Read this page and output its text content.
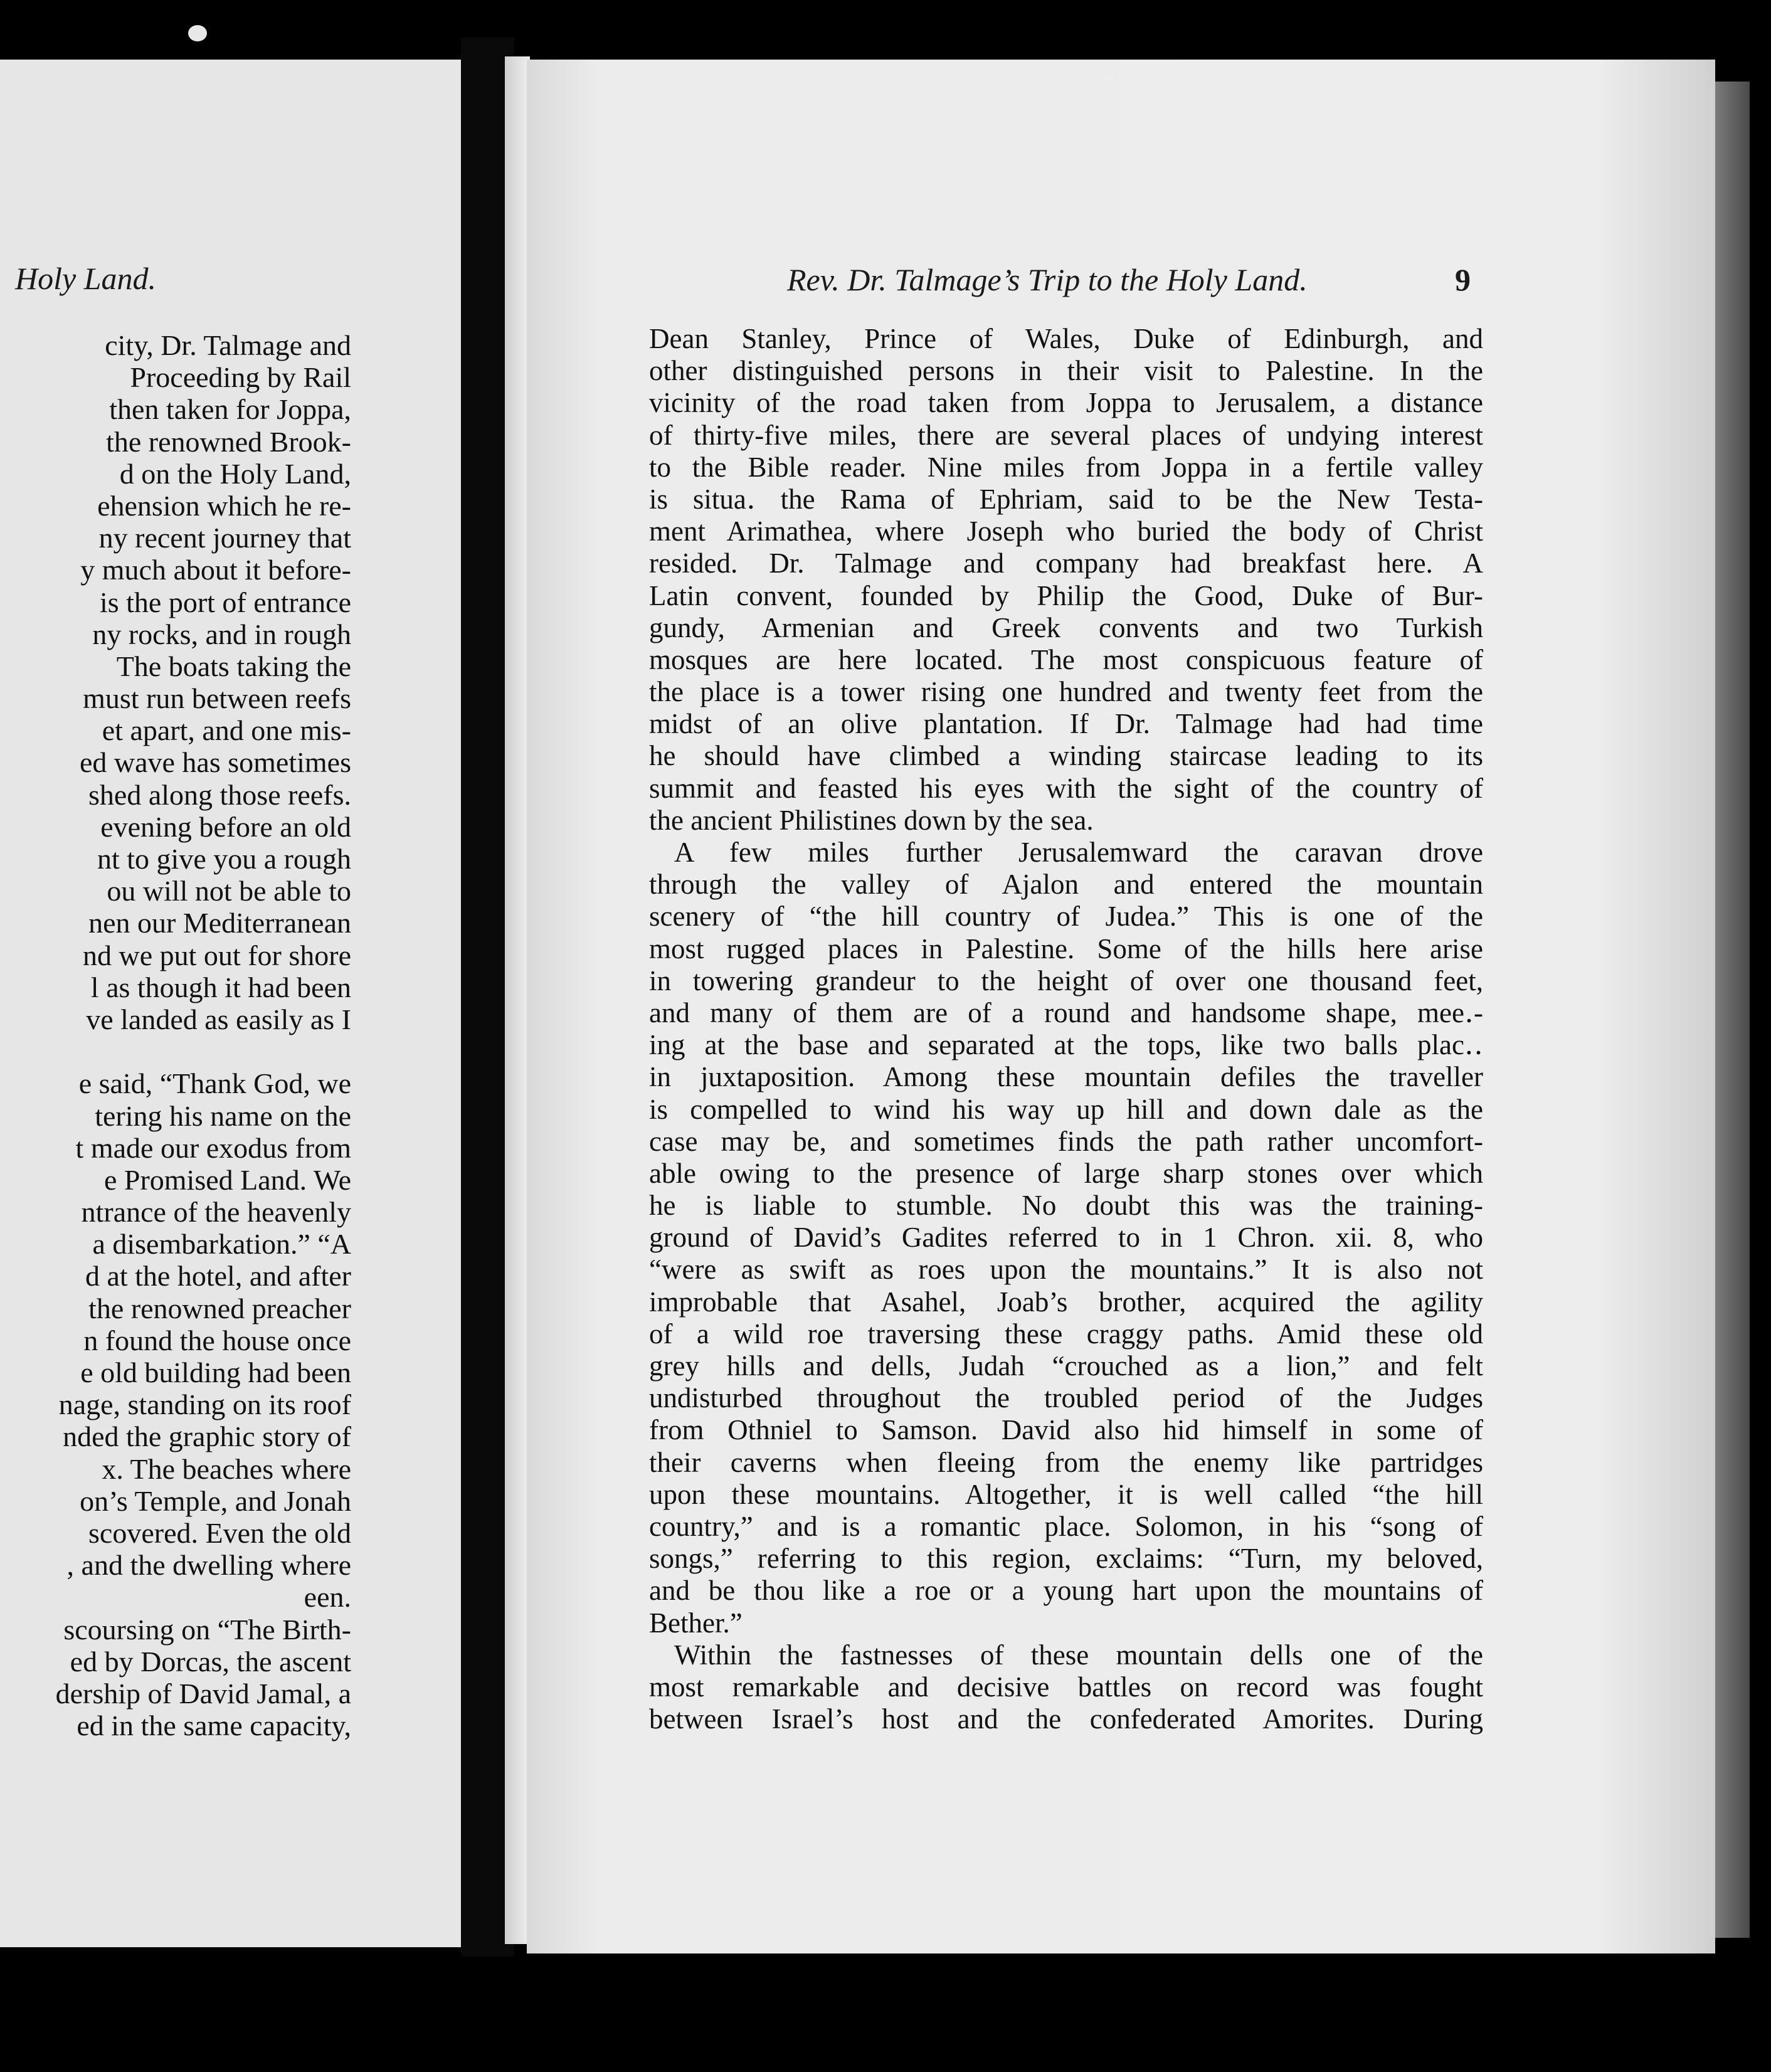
Holy Land.
city, Dr. Talmage and
Proceeding by Rail
then taken for Joppa,
the renowned Brook-
d on the Holy Land,
ehension which he re-
ny recent journey that
y much about it before-
is the port of entrance
ny rocks, and in rough
The boats taking the
must run between reefs
et apart, and one mis-
ed wave has sometimes
shed along those reefs.
evening before an old
nt to give you a rough
ou will not be able to
nen our Mediterranean
nd we put out for shore
l as though it had been
ve landed as easily as I
e said, “Thank God, we
tering his name on the
t made our exodus from
e Promised Land. We
ntrance of the heavenly
a disembarkation.” “A
d at the hotel, and after
the renowned preacher
n found the house once
e old building had been
nage, standing on its roof
nded the graphic story of
x. The beaches where
on’s Temple, and Jonah
scovered. Even the old
, and the dwelling where
een.
scoursing on “The Birth-
ed by Dorcas, the ascent
dership of David Jamal, a
ed in the same capacity,
Rev. Dr. Talmage’s Trip to the Holy Land.	9
Dean Stanley, Prince of Wales, Duke of Edinburgh, and
other distinguished persons in their visit to Palestine. In the
vicinity of the road taken from Joppa to Jerusalem, a distance
of thirty-five miles, there are several places of undying interest
to the Bible reader. Nine miles from Joppa in a fertile valley
is situa․ the Rama of Ephriam, said to be the New Testa-
ment Arimathea, where Joseph who buried the body of Christ
resided. Dr. Talmage and company had breakfast here. A
Latin convent, founded by Philip the Good, Duke of Bur-
gundy, Armenian and Greek convents and two Turkish
mosques are here located. The most conspicuous feature of
the place is a tower rising one hundred and twenty feet from the
midst of an olive plantation. If Dr. Talmage had had time
he should have climbed a winding staircase leading to its
summit and feasted his eyes with the sight of the country of
the ancient Philistines down by the sea.
A few miles further Jerusalemward the caravan drove
through the valley of Ajalon and entered the mountain
scenery of “the hill country of Judea.” This is one of the
most rugged places in Palestine. Some of the hills here arise
in towering grandeur to the height of over one thousand feet,
and many of them are of a round and handsome shape, mee․-
ing at the base and separated at the tops, like two balls plac․․
in juxtaposition. Among these mountain defiles the traveller
is compelled to wind his way up hill and down dale as the
case may be, and sometimes finds the path rather uncomfort-
able owing to the presence of large sharp stones over which
he is liable to stumble. No doubt this was the training-
ground of David’s Gadites referred to in 1 Chron. xii. 8, who
“were as swift as roes upon the mountains.” It is also not
improbable that Asahel, Joab’s brother, acquired the agility
of a wild roe traversing these craggy paths. Amid these old
grey hills and dells, Judah “crouched as a lion,” and felt
undisturbed throughout the troubled period of the Judges
from Othniel to Samson. David also hid himself in some of
their caverns when fleeing from the enemy like partridges
upon these mountains. Altogether, it is well called “the hill
country,” and is a romantic place. Solomon, in his “song of
songs,” referring to this region, exclaims: “Turn, my beloved,
and be thou like a roe or a young hart upon the mountains of
Bether.”
Within the fastnesses of these mountain dells one of the
most remarkable and decisive battles on record was fought
between Israel’s host and the confederated Amorites. During
